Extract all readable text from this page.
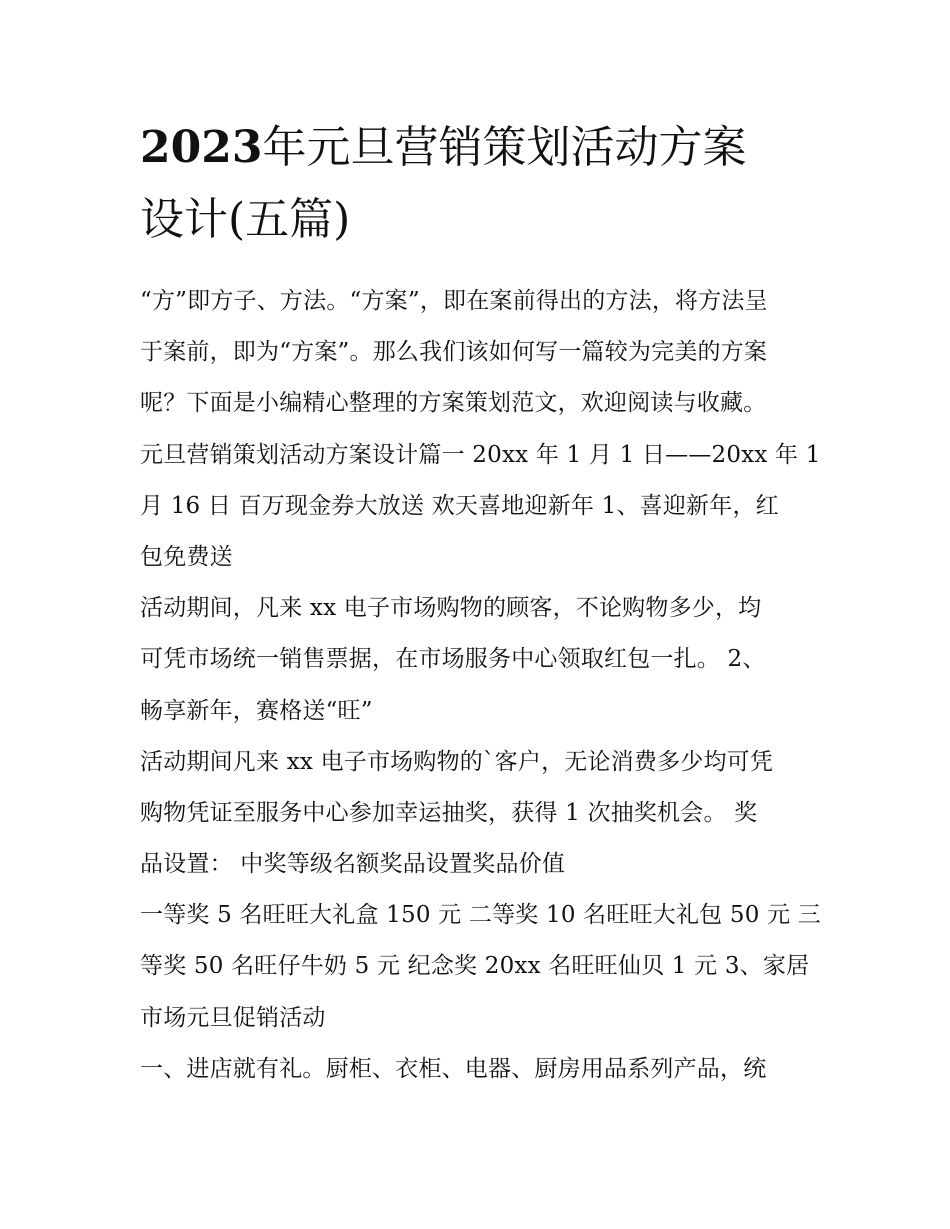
2023年元旦营销策划活动方案
设计(五篇)
“方”即方子、方法。“方案”，即在案前得出的方法，将方法呈
于案前，即为“方案”。那么我们该如何写一篇较为完美的方案
呢？下面是小编精心整理的方案策划范文，欢迎阅读与收藏。
元旦营销策划活动方案设计篇一 20xx 年 1 月 1 日——20xx 年 1
月 16 日 百万现金券大放送 欢天喜地迎新年 1、喜迎新年，红
包免费送
活动期间，凡来 xx 电子市场购物的顾客，不论购物多少，均
可凭市场统一销售票据，在市场服务中心领取红包一扎。 2、
畅享新年，赛格送“旺”
活动期间凡来 xx 电子市场购物的`客户，无论消费多少均可凭
购物凭证至服务中心参加幸运抽奖，获得 1 次抽奖机会。 奖
品设置： 中奖等级名额奖品设置奖品价值
一等奖 5 名旺旺大礼盒 150 元 二等奖 10 名旺旺大礼包 50 元 三
等奖 50 名旺仔牛奶 5 元 纪念奖 20xx 名旺旺仙贝 1 元 3、家居
市场元旦促销活动
一、进店就有礼。厨柜、衣柜、电器、厨房用品系列产品，统
